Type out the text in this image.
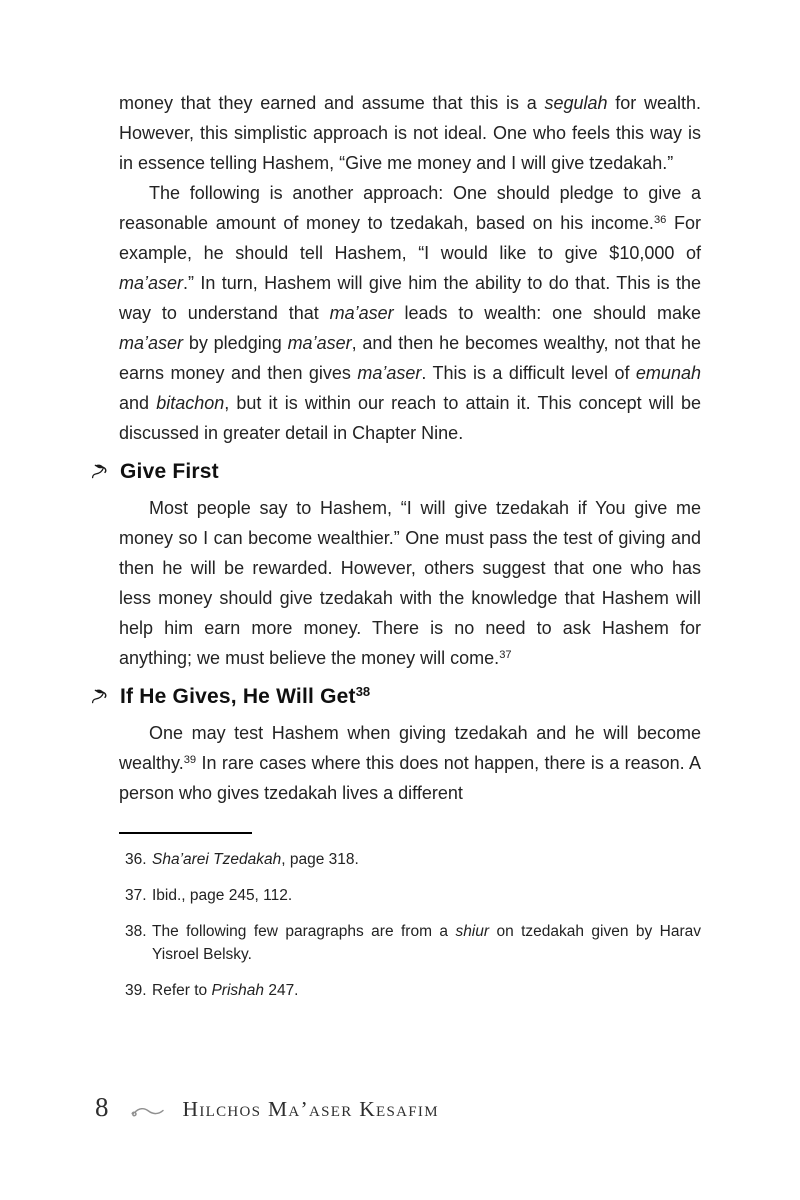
money that they earned and assume that this is a segulah for wealth. However, this simplistic approach is not ideal. One who feels this way is in essence telling Hashem, “Give me money and I will give tzedakah.”

The following is another approach: One should pledge to give a reasonable amount of money to tzedakah, based on his income.$^{36}$ For example, he should tell Hashem, “I would like to give $10,000 of ma’aser.” In turn, Hashem will give him the ability to do that. This is the way to understand that ma’aser leads to wealth: one should make ma’aser by pledging ma’aser, and then he becomes wealthy, not that he earns money and then gives ma’aser. This is a difficult level of emunah and bitachon, but it is within our reach to attain it. This concept will be discussed in greater detail in Chapter Nine.

Give First

Most people say to Hashem, “I will give tzedakah if You give me money so I can become wealthier.” One must pass the test of giving and then he will be rewarded. However, others suggest that one who has less money should give tzedakah with the knowledge that Hashem will help him earn more money. There is no need to ask Hashem for anything; we must believe the money will come.$^{37}$

If He Gives, He Will Get$^{38}$

One may test Hashem when giving tzedakah and he will become wealthy.$^{39}$ In rare cases where this does not happen, there is a reason. A person who gives tzedakah lives a different

36. Sha’arei Tzedakah, page 318.
37. Ibid., page 245, 112.
38. The following few paragraphs are from a shiur on tzedakah given by Harav Yisroel Belsky.
39. Refer to Prishah 247.
8	Hilchos Ma’aser Kesafim
